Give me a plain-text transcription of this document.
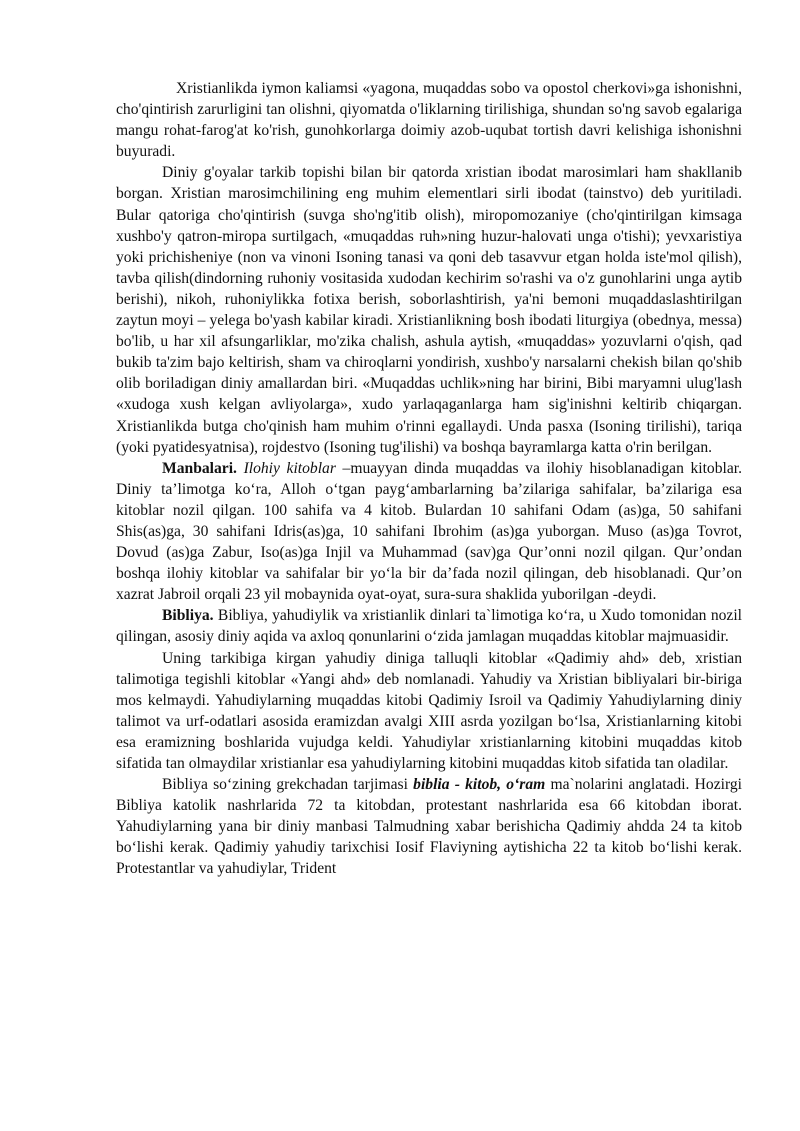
Xristianlikda iymon kaliamsi «yagona, muqaddas sobo va opostol cherkovi»ga ishonishni, cho'qintirish zarurligini tan olishni, qiyomatda o'liklarning tirilishiga, shundan so'ng savob egalariga mangu rohat-farog'at ko'rish, gunohkorlarga doimiy azob-uqubat tortish davri kelishiga ishonishni buyuradi.

Diniy g'oyalar tarkib topishi bilan bir qatorda xristian ibodat marosimlari ham shakllanib borgan. Xristian marosimchilining eng muhim elementlari sirli ibodat (tainstvo) deb yuritiladi. Bular qatoriga cho'qintirish (suvga sho'ng'itib olish), miropomozaniye (cho'qintirilgan kimsaga xushbo'y qatron-miropa surtilgach, «muqaddas ruh»ning huzur-halovati unga o'tishi); yevxaristiya yoki prichisheniye (non va vinoni Isoning tanasi va qoni deb tasavvur etgan holda iste'mol qilish), tavba qilish(dindorning ruhoniy vositasida xudodan kechirim so'rashi va o'z gunohlarini unga aytib berishi), nikoh, ruhoniylikka fotixa berish, soborlashtirish, ya'ni bemoni muqaddaslashtirilgan zaytun moyi – yelega bo'yash kabilar kiradi. Xristianlikning bosh ibodati liturgiya (obednya, messa) bo'lib, u har xil afsungarliklar, mo'zika chalish, ashula aytish, «muqaddas» yozuvlarni o'qish, qad bukib ta'zim bajo keltirish, sham va chiroqlarni yondirish, xushbo'y narsalarni chekish bilan qo'shib olib boriladigan diniy amallardan biri. «Muqaddas uchlik»ning har birini, Bibi maryamni ulug'lash «xudoga xush kelgan avliyolarga», xudo yarlaqaganlarga ham sig'inishni keltirib chiqargan. Xristianlikda butga cho'qinish ham muhim o'rinni egallaydi. Unda pasxa (Isoning tirilishi), tariqa (yoki pyatidesyatnisa), rojdestvo (Isoning tug'ilishi) va boshqa bayramlarga katta o'rin berilgan.

Manbalari. Ilohiy kitoblar –muayyan dinda muqaddas va ilohiy hisoblanadigan kitoblar. Diniy ta’limotga ko‘ra, Alloh o‘tgan payg‘ambarlarning ba’zilariga sahifalar, ba’zilariga esa kitoblar nozil qilgan. 100 sahifa va 4 kitob. Bulardan 10 sahifani Odam (as)ga, 50 sahifani Shis(as)ga, 30 sahifani Idris(as)ga, 10 sahifani Ibrohim (as)ga yuborgan. Muso (as)ga Tovrot, Dovud (as)ga Zabur, Iso(as)ga Injil va Muhammad (sav)ga Qur’onni nozil qilgan. Qur’ondan boshqa ilohiy kitoblar va sahifalar bir yo‘la bir da’fada nozil qilingan, deb hisoblanadi. Qur’on xazrat Jabroil orqali 23 yil mobaynida oyat-oyat, sura-sura shaklida yuborilgan -deydi.

Bibliya. Bibliya, yahudiylik va xristianlik dinlari ta`limotiga ko‘ra, u Xudo tomonidan nozil qilingan, asosiy diniy aqida va axloq qonunlarini o‘zida jamlagan muqaddas kitoblar majmuasidir.

Uning tarkibiga kirgan yahudiy diniga talluqli kitoblar «Qadimiy ahd» deb, xristian talimotiga tegishli kitoblar «Yangi ahd» deb nomlanadi. Yahudiy va Xristian bibliyalari bir-biriga mos kelmaydi. Yahudiylarning muqaddas kitobi Qadimiy Isroil va Qadimiy Yahudiylarning diniy talimot va urf-odatlari asosida eramizdan avalgi XIII asrda yozilgan bo‘lsa, Xristianlarning kitobi esa eramizning boshlarida vujudga keldi. Yahudiylar xristianlarning kitobini muqaddas kitob sifatida tan olmaydilar xristianlar esa yahudiylarning kitobini muqaddas kitob sifatida tan oladilar.

Bibliya so‘zining grekchadan tarjimasi biblia - kitob, o‘ram ma`nolarini anglatadi. Hozirgi Bibliya katolik nashrlarida 72 ta kitobdan, protestant nashrlarida esa 66 kitobdan iborat. Yahudiylarning yana bir diniy manbasi Talmudning xabar berishicha Qadimiy ahdda 24 ta kitob bo‘lishi kerak. Qadimiy yahudiy tarixchisi Iosif Flaviyning aytishicha 22 ta kitob bo‘lishi kerak. Protestantlar va yahudiylar, Trident
